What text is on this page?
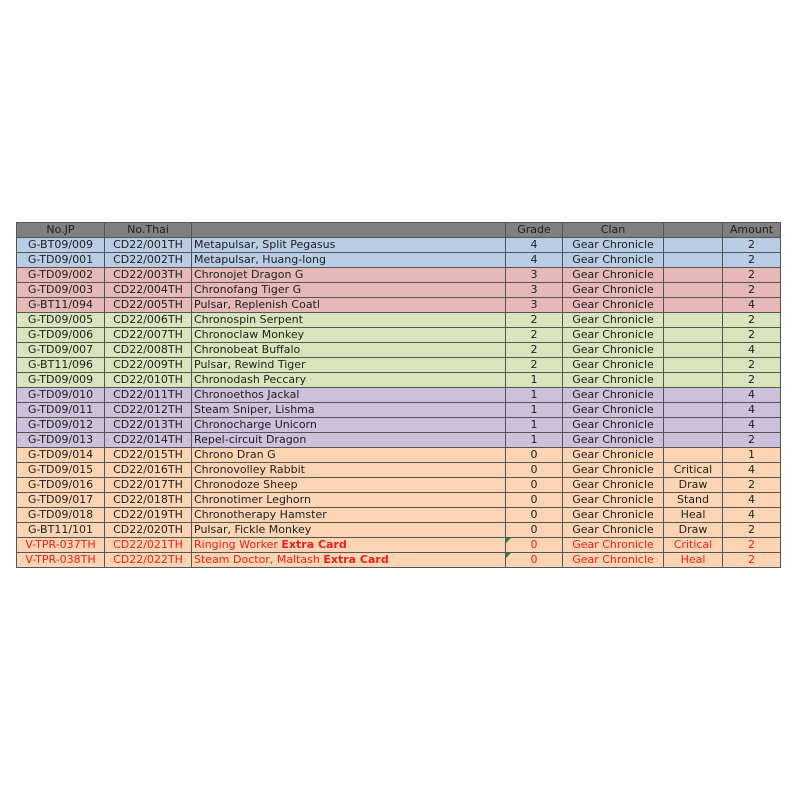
No.JP	No.Thai		Grade	Clan		Amount
G-BT09/009	CD22/001TH	Metapulsar, Split Pegasus	4	Gear Chronicle		2
G-TD09/001	CD22/002TH	Metapulsar, Huang-long	4	Gear Chronicle		2
G-TD09/002	CD22/003TH	Chronojet Dragon G	3	Gear Chronicle		2
G-TD09/003	CD22/004TH	Chronofang Tiger G	3	Gear Chronicle		2
G-BT11/094	CD22/005TH	Pulsar, Replenish Coatl	3	Gear Chronicle		4
G-TD09/005	CD22/006TH	Chronospin Serpent	2	Gear Chronicle		2
G-TD09/006	CD22/007TH	Chronoclaw Monkey	2	Gear Chronicle		2
G-TD09/007	CD22/008TH	Chronobeat Buffalo	2	Gear Chronicle		4
G-BT11/096	CD22/009TH	Pulsar, Rewind Tiger	2	Gear Chronicle		2
G-TD09/009	CD22/010TH	Chronodash Peccary	1	Gear Chronicle		2
G-TD09/010	CD22/011TH	Chronoethos Jackal	1	Gear Chronicle		4
G-TD09/011	CD22/012TH	Steam Sniper, Lishma	1	Gear Chronicle		4
G-TD09/012	CD22/013TH	Chronocharge Unicorn	1	Gear Chronicle		4
G-TD09/013	CD22/014TH	Repel-circuit Dragon	1	Gear Chronicle		2
G-TD09/014	CD22/015TH	Chrono Dran G	0	Gear Chronicle		1
G-TD09/015	CD22/016TH	Chronovolley Rabbit	0	Gear Chronicle	Critical	4
G-TD09/016	CD22/017TH	Chronodoze Sheep	0	Gear Chronicle	Draw	2
G-TD09/017	CD22/018TH	Chronotimer Leghorn	0	Gear Chronicle	Stand	4
G-TD09/018	CD22/019TH	Chronotherapy Hamster	0	Gear Chronicle	Heal	4
G-BT11/101	CD22/020TH	Pulsar, Fickle Monkey	0	Gear Chronicle	Draw	2
V-TPR-037TH	CD22/021TH	Ringing Worker Extra Card	0	Gear Chronicle	Critical	2
V-TPR-038TH	CD22/022TH	Steam Doctor, Maltash Extra Card	0	Gear Chronicle	Heal	2
